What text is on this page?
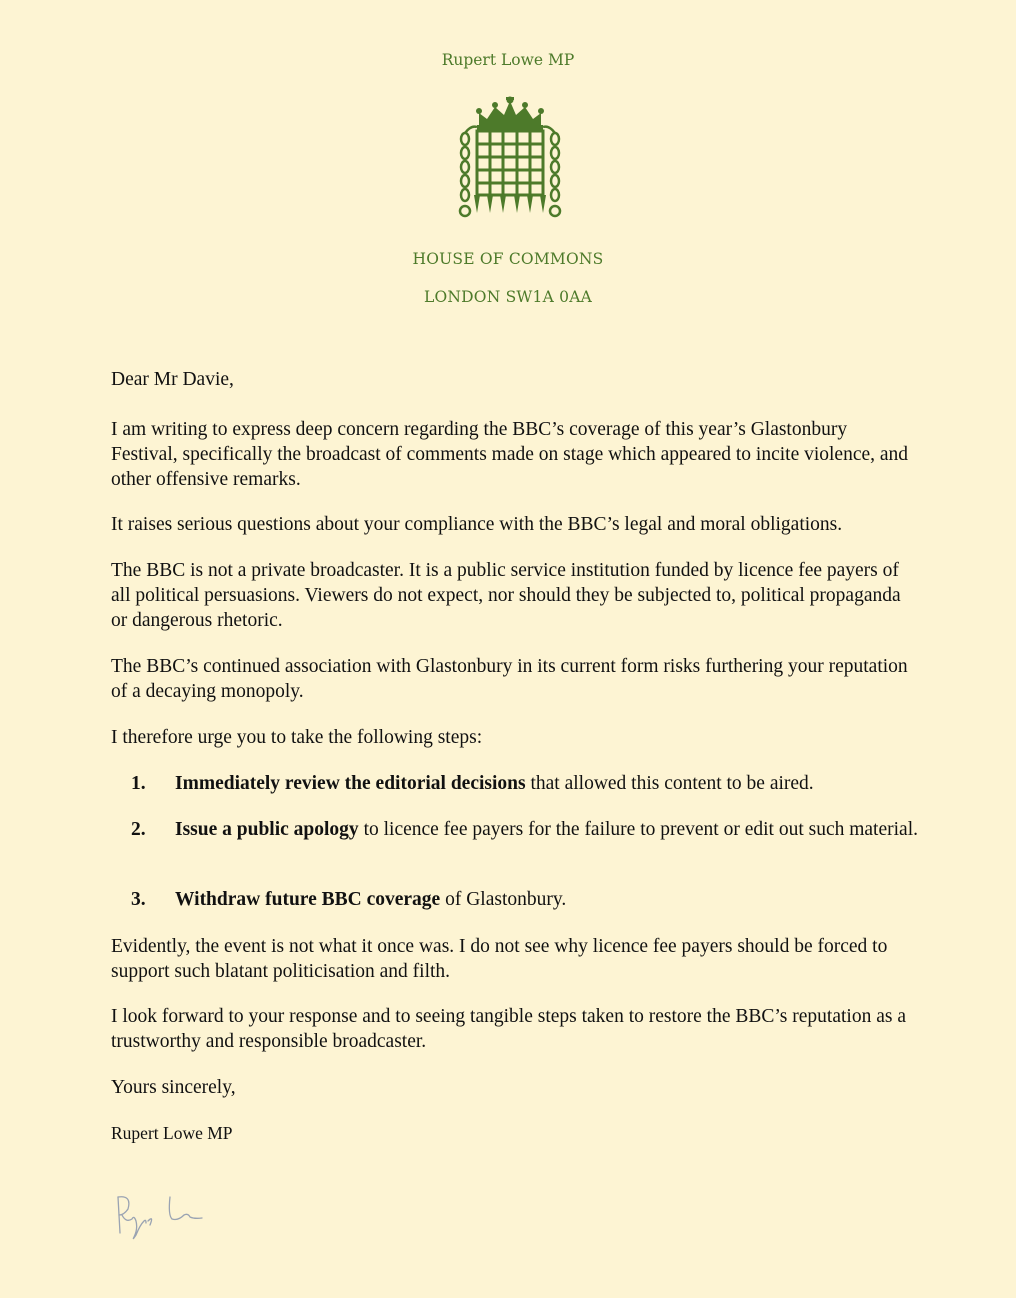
Rupert Lowe MP
HOUSE OF COMMONS
LONDON SW1A 0AA
Dear Mr Davie,

I am writing to express deep concern regarding the BBC’s coverage of this year’s Glastonbury Festival, specifically the broadcast of comments made on stage which appeared to incite violence, and other offensive remarks.

It raises serious questions about your compliance with the BBC’s legal and moral obligations.

The BBC is not a private broadcaster. It is a public service institution funded by licence fee payers of all political persuasions. Viewers do not expect, nor should they be subjected to, political propaganda or dangerous rhetoric.

The BBC’s continued association with Glastonbury in its current form risks furthering your reputation of a decaying monopoly.

I therefore urge you to take the following steps:

1.	Immediately review the editorial decisions that allowed this content to be aired.
2.	Issue a public apology to licence fee payers for the failure to prevent or edit out such material.
3.	Withdraw future BBC coverage of Glastonbury.

Evidently, the event is not what it once was. I do not see why licence fee payers should be forced to support such blatant politicisation and filth.

I look forward to your response and to seeing tangible steps taken to restore the BBC’s reputation as a trustworthy and responsible broadcaster.

Yours sincerely,
Rupert Lowe MP
